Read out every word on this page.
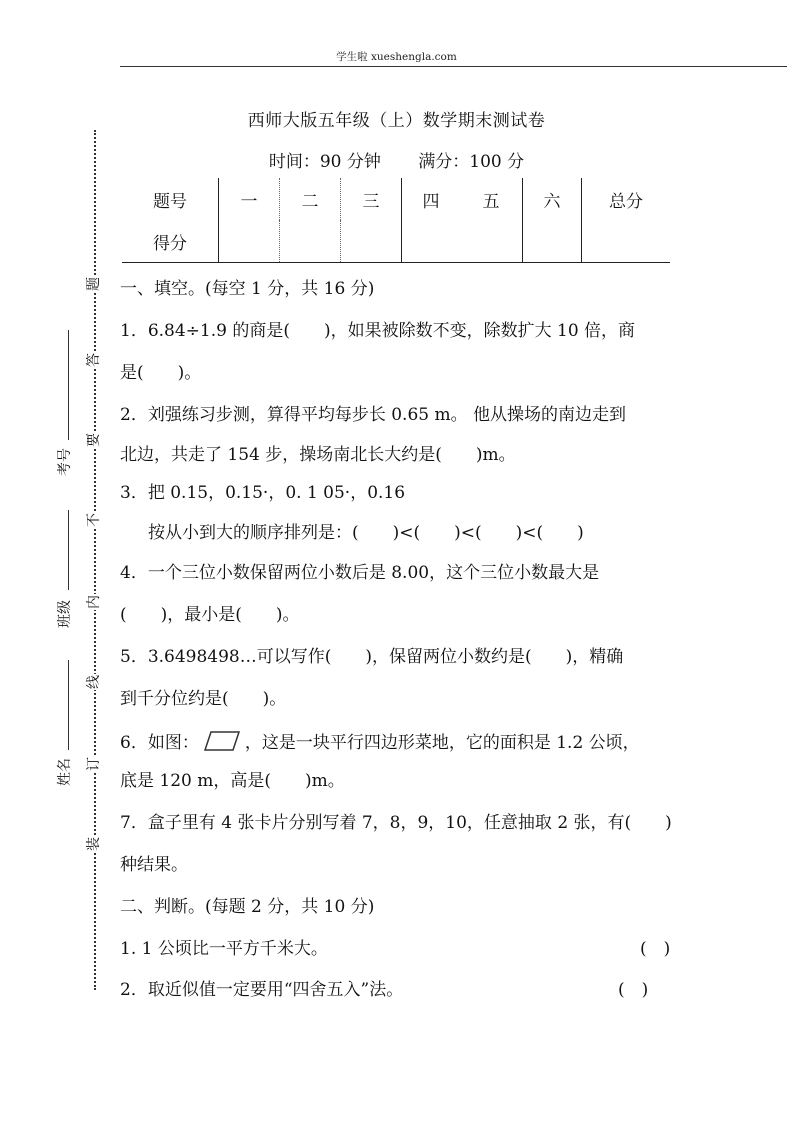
学生啦 xueshengla.com
题
答
要
不
内
线
订
装
考号
班级
姓名
西师大版五年级（上）数学期末测试卷
时间：90 分钟 满分：100 分
题号	一	二	三	四	五	六	总分
得分							
一、填空。(每空 1 分，共 16 分)
1．6.84÷1.9 的商是(　　)，如果被除数不变，除数扩大 10 倍，商
是(　　)。
2．刘强练习步测，算得平均每步长 0.65 m。 他从操场的南边走到
北边，共走了 154 步，操场南北长大约是(　　)m。
3．把 0.15，0.15·，0. 1 05·，0.16
按从小到大的顺序排列是：(　　)<(　　)<(　　)<(　　)
4．一个三位小数保留两位小数后是 8.00，这个三位小数最大是
(　　)，最小是(　　)。
5．3.6498498…可以写作(　　)，保留两位小数约是(　　)，精确
到千分位约是(　　)。
6．如图：	，这是一块平行四边形菜地，它的面积是 1.2 公顷，
底是 120 m，高是(　　)m。
7．盒子里有 4 张卡片分别写着 7，8，9，10，任意抽取 2 张，有(　　)
种结果。
二、判断。(每题 2 分，共 10 分)
1. 1 公顷比一平方千米大。	(　)
2．取近似值一定要用“四舍五入”法。	(　)
